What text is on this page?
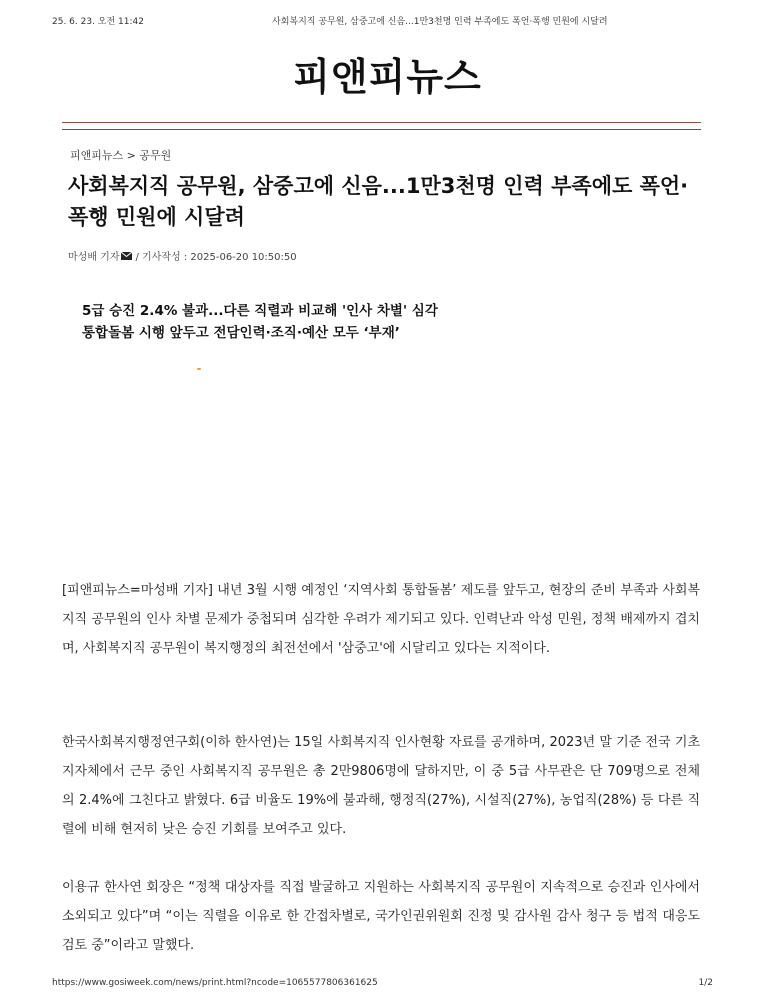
25. 6. 23. 오전 11:42	사회복지직 공무원, 삼중고에 신음...1만3천명 인력 부족에도 폭언·폭행 민원에 시달려
피앤피뉴스
피앤피뉴스 > 공무원
사회복지직 공무원, 삼중고에 신음...1만3천명 인력 부족에도 폭언·폭행 민원에 시달려
마성배 기자 / 기사작성 : 2025-06-20 10:50:50
5급 승진 2.4% 불과...다른 직렬과 비교해 '인사 차별' 심각
통합돌봄 시행 앞두고 전담인력·조직·예산 모두 ‘부재’

[피앤피뉴스=마성배 기자] 내년 3월 시행 예정인 ‘지역사회 통합돌봄’ 제도를 앞두고, 현장의 준비 부족과 사회복지직 공무원의 인사 차별 문제가 중첩되며 심각한 우려가 제기되고 있다. 인력난과 악성 민원, 정책 배제까지 겹치며, 사회복지직 공무원이 복지행정의 최전선에서 '삼중고'에 시달리고 있다는 지적이다.

한국사회복지행정연구회(이하 한사연)는 15일 사회복지직 인사현황 자료를 공개하며, 2023년 말 기준 전국 기초지자체에서 근무 중인 사회복지직 공무원은 총 2만9806명에 달하지만, 이 중 5급 사무관은 단 709명으로 전체의 2.4%에 그친다고 밝혔다. 6급 비율도 19%에 불과해, 행정직(27%), 시설직(27%), 농업직(28%) 등 다른 직렬에 비해 현저히 낮은 승진 기회를 보여주고 있다.

이용규 한사연 회장은 “정책 대상자를 직접 발굴하고 지원하는 사회복지직 공무원이 지속적으로 승진과 인사에서 소외되고 있다”며 “이는 직렬을 이유로 한 간접차별로, 국가인권위원회 진정 및 감사원 감사 청구 등 법적 대응도 검토 중”이라고 말했다.

https://www.gosiweek.com/news/print.html?ncode=1065577806361625	1/2
